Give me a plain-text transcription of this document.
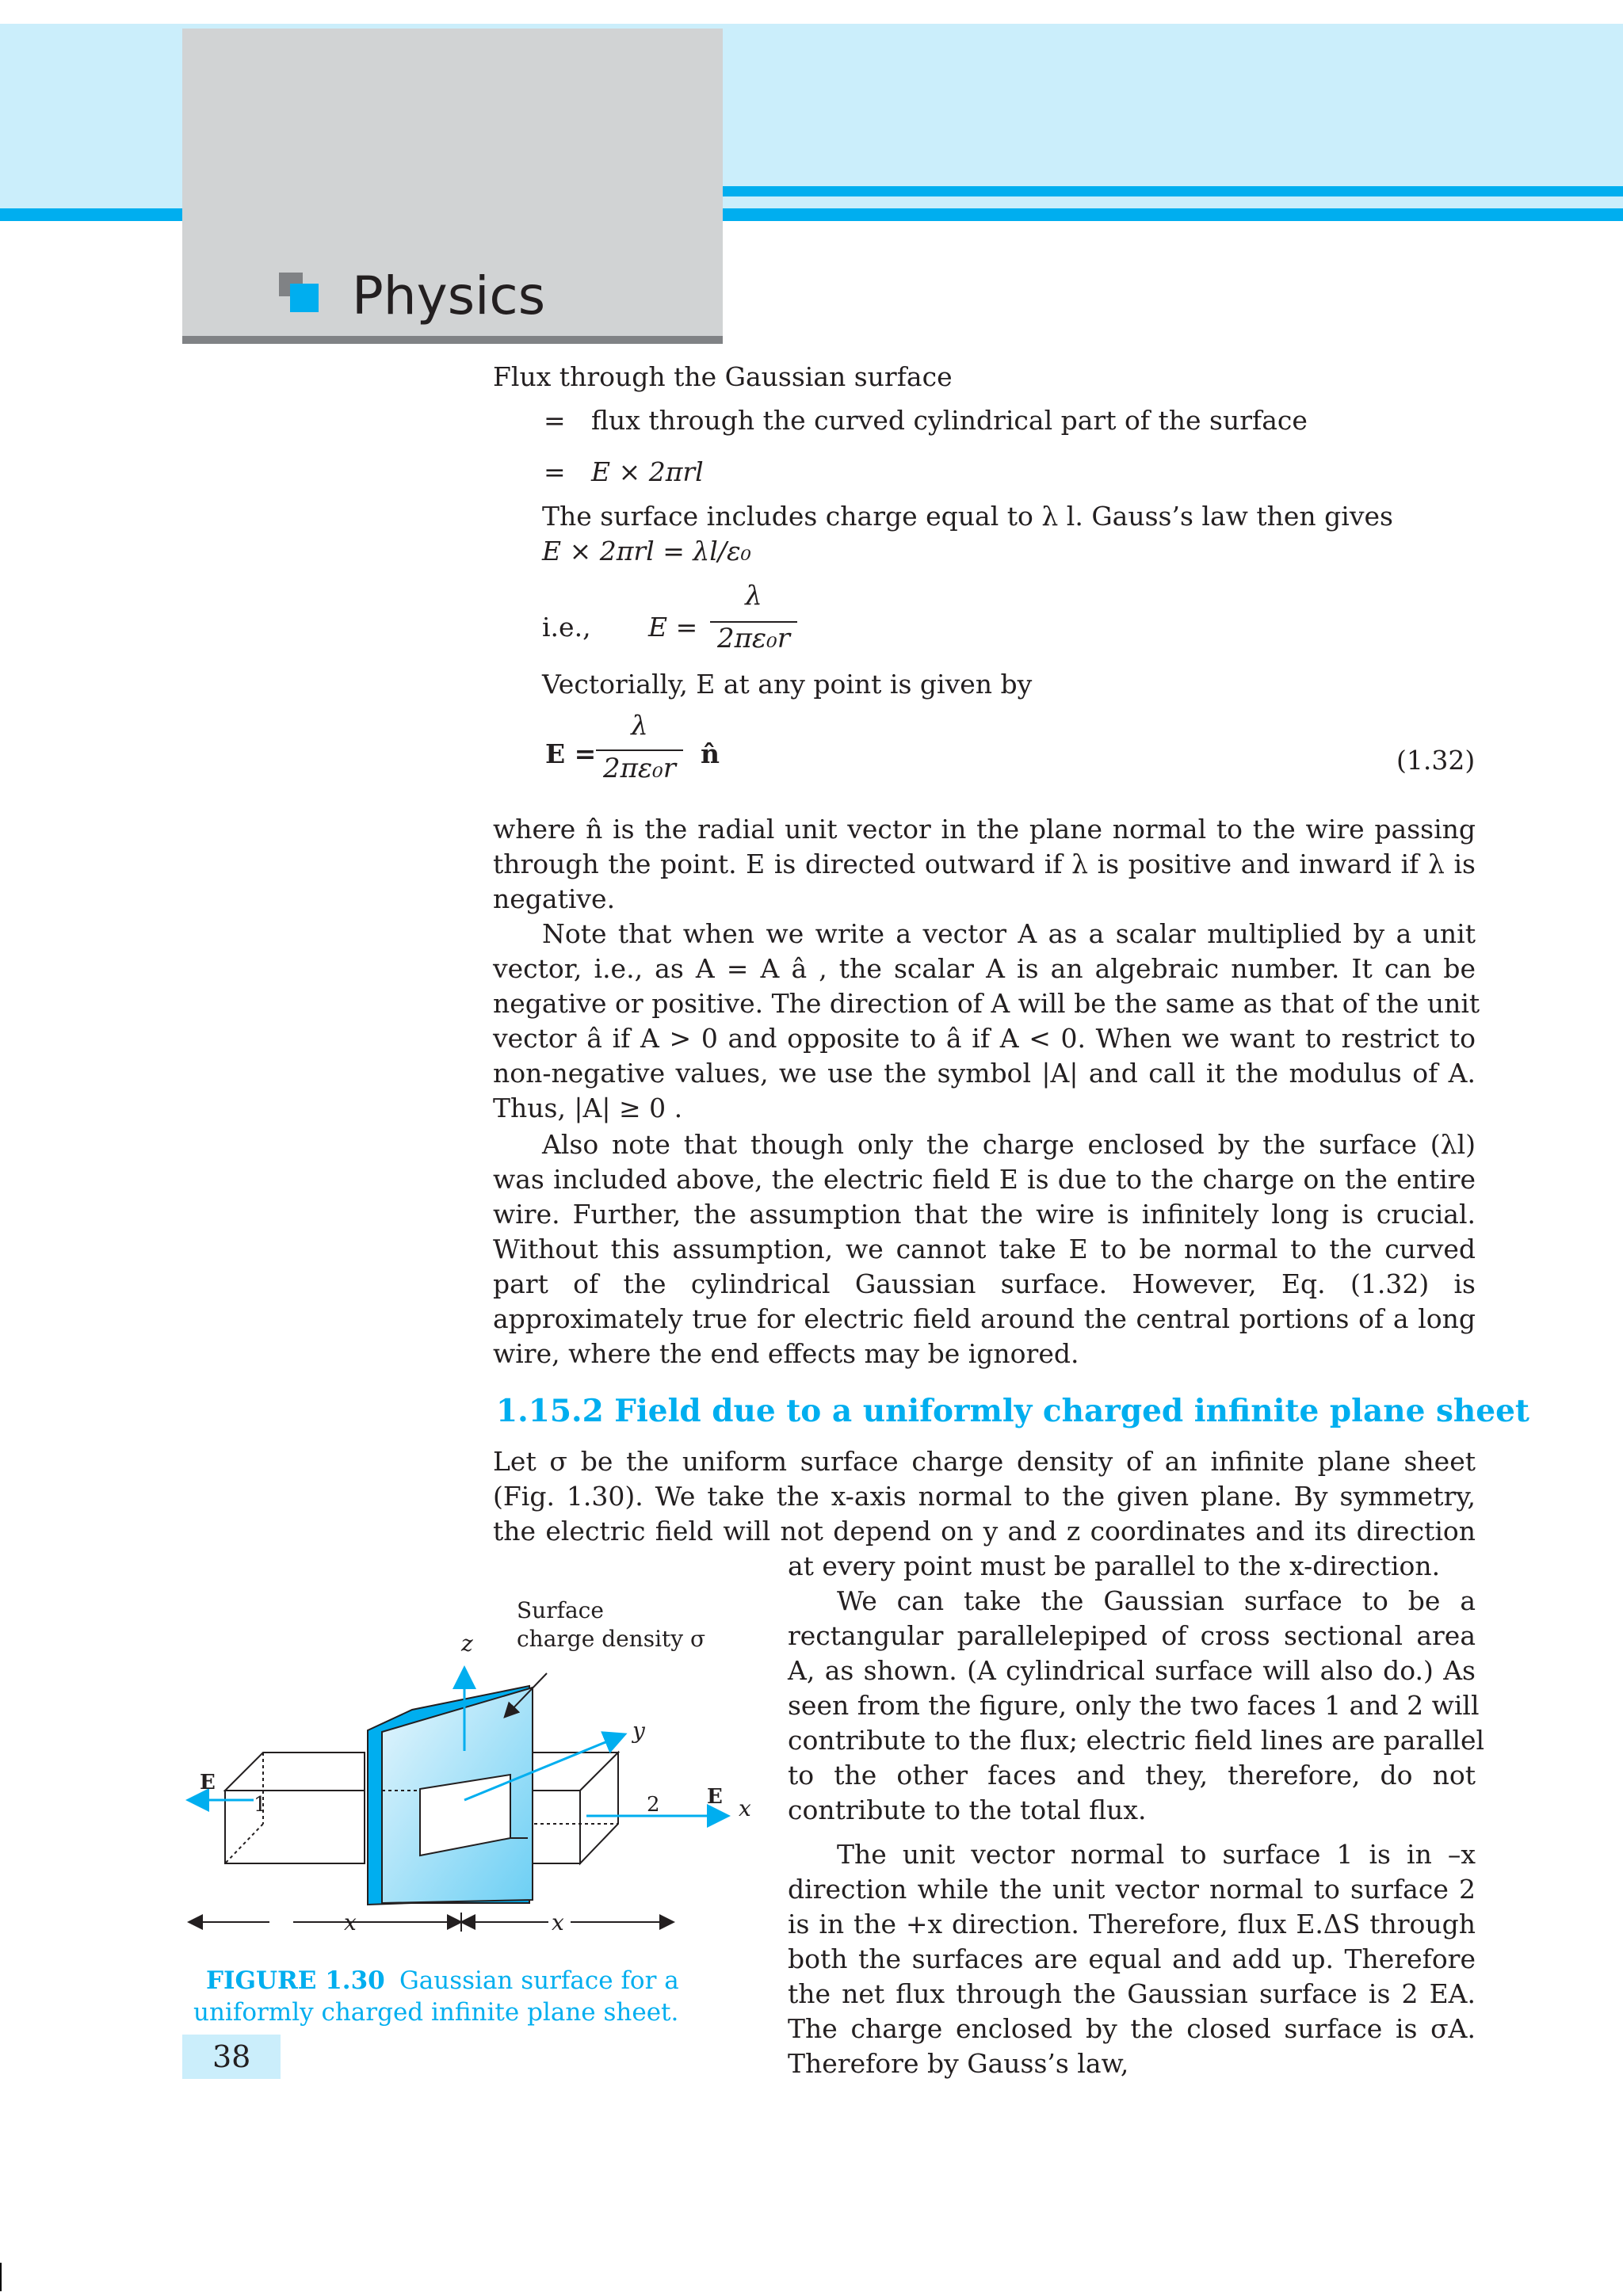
Physics
Flux through the Gaussian surface
= flux through the curved cylindrical part of the surface
= E × 2πrl
The surface includes charge equal to λ l. Gauss’s law then gives
E × 2πrl = λl/ε₀
i.e., E =
λ
2πε₀r
Vectorially, E at any point is given by
E =
λ
2πε₀r n̂	(1.32)
where n̂ is the radial unit vector in the plane normal to the wire passing
through the point. E is directed outward if λ is positive and inward if λ is
negative.
Note that when we write a vector A as a scalar multiplied by a unit
vector, i.e., as A = A â , the scalar A is an algebraic number. It can be
negative or positive. The direction of A will be the same as that of the unit
vector â if A > 0 and opposite to â if A < 0. When we want to restrict to
non-negative values, we use the symbol |A| and call it the modulus of A.
Thus, |A| ≥ 0 .
Also note that though only the charge enclosed by the surface (λl)
was included above, the electric field E is due to the charge on the entire
wire. Further, the assumption that the wire is infinitely long is crucial.
Without this assumption, we cannot take E to be normal to the curved
part of the cylindrical Gaussian surface. However, Eq. (1.32) is
approximately true for electric field around the central portions of a long
wire, where the end effects may be ignored.
1.15.2 Field due to a uniformly charged infinite plane sheet
Let σ be the uniform surface charge density of an infinite plane sheet
(Fig. 1.30). We take the x-axis normal to the given plane. By symmetry,
the electric field will not depend on y and z coordinates and its direction
at every point must be parallel to the x-direction.
We can take the Gaussian surface to be a
rectangular parallelepiped of cross sectional area
A, as shown. (A cylindrical surface will also do.) As
seen from the figure, only the two faces 1 and 2 will
contribute to the flux; electric field lines are parallel
to the other faces and they, therefore, do not
contribute to the total flux.
The unit vector normal to surface 1 is in –x
direction while the unit vector normal to surface 2
is in the +x direction. Therefore, flux E.ΔS through
both the surfaces are equal and add up. Therefore
the net flux through the Gaussian surface is 2 EA.
The charge enclosed by the closed surface is σA.
Therefore by Gauss’s law,
Surface
charge density σ
z
y
x
E
E
1	2
x	x
FIGURE 1.30 Gaussian surface for a
uniformly charged infinite plane sheet.
38
